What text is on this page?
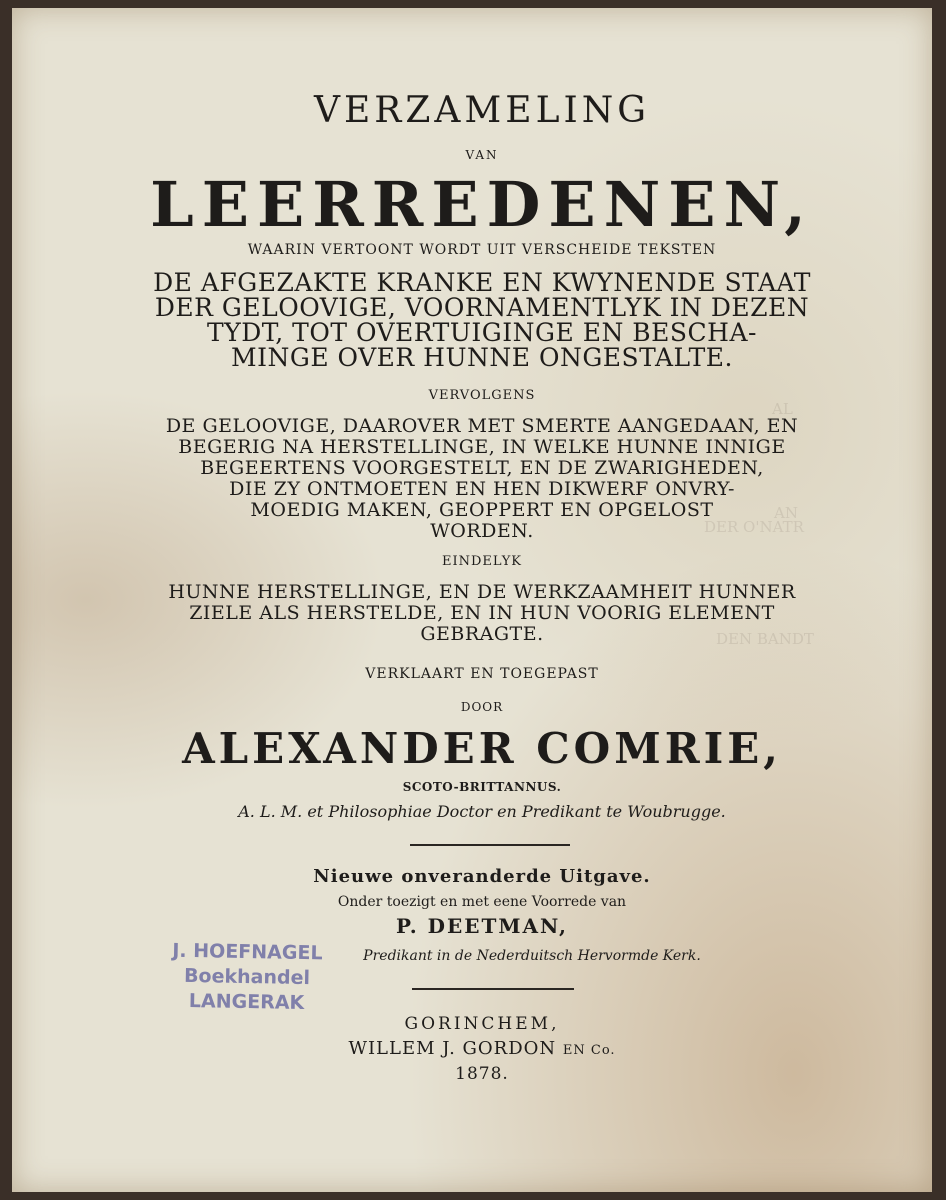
AL
AN
DER O'NATR
DEN BANDT
VERZAMELING
VAN
LEERREDENEN,
WAARIN VERTOONT WORDT UIT VERSCHEIDE TEKSTEN
DE AFGEZAKTE KRANKE EN KWYNENDE STAAT
DER GELOOVIGE, VOORNAMENTLYK IN DEZEN
TYDT, TOT OVERTUIGINGE EN BESCHA-
MINGE OVER HUNNE ONGESTALTE.
VERVOLGENS
DE GELOOVIGE, DAAROVER MET SMERTE AANGEDAAN, EN
BEGERIG NA HERSTELLINGE, IN WELKE HUNNE INNIGE
BEGEERTENS VOORGESTELT, EN DE ZWARIGHEDEN,
DIE ZY ONTMOETEN EN HEN DIKWERF ONVRY-
MOEDIG MAKEN, GEOPPERT EN OPGELOST
WORDEN.
EINDELYK
HUNNE HERSTELLINGE, EN DE WERKZAAMHEIT HUNNER
ZIELE ALS HERSTELDE, EN IN HUN VOORIG ELEMENT
GEBRAGTE.
VERKLAART EN TOEGEPAST
DOOR
ALEXANDER COMRIE,
SCOTO-BRITTANNUS.
A. L. M. et Philosophiae Doctor en Predikant te Woubrugge.
Nieuwe onveranderde Uitgave.
Onder toezigt en met eene Voorrede van
P. DEETMAN,
Predikant in de Nederduitsch Hervormde Kerk.
GORINCHEM,
WILLEM J. GORDON EN Co.
1878.
J. HOEFNAGEL
Boekhandel
LANGERAK
